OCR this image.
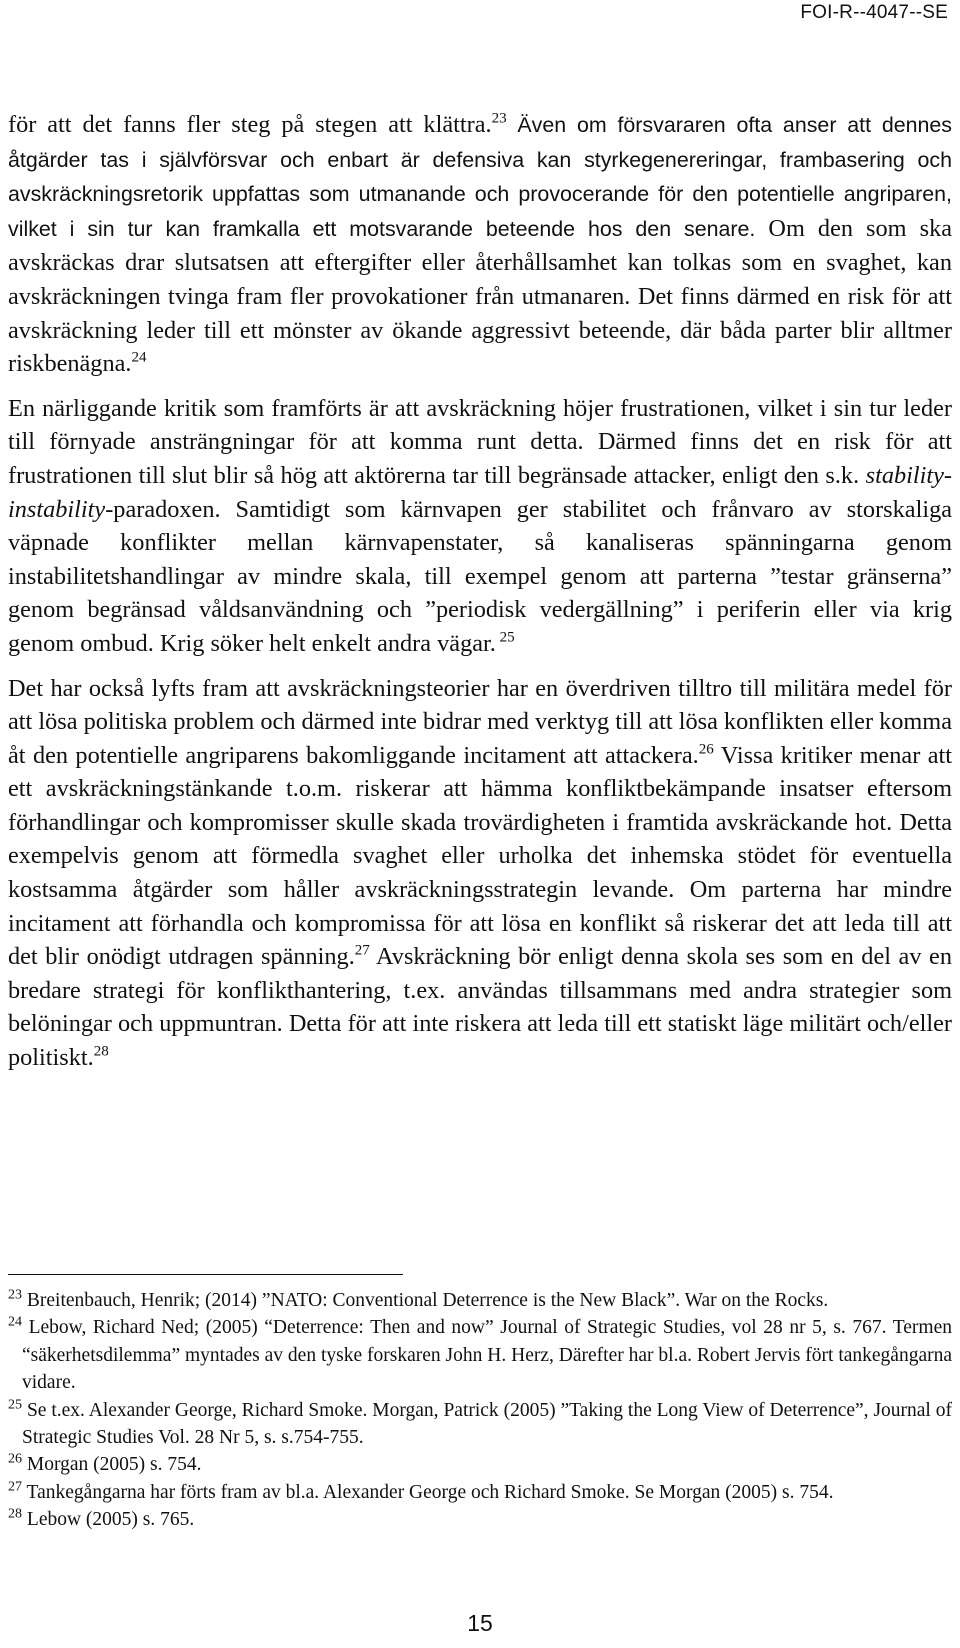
FOI-R--4047--SE

för att det fanns fler steg på stegen att klättra.$^{23}$ Även om försvararen ofta anser att dennes åtgärder tas i självförsvar och enbart är defensiva kan styrkegenereringar, frambasering och avskräckningsretorik uppfattas som utmanande och provocerande för den potentielle angriparen, vilket i sin tur kan framkalla ett motsvarande beteende hos den senare. Om den som ska avskräckas drar slutsatsen att eftergifter eller återhållsamhet kan tolkas som en svaghet, kan avskräckningen tvinga fram fler provokationer från utmanaren. Det finns därmed en risk för att avskräckning leder till ett mönster av ökande aggressivt beteende, där båda parter blir alltmer riskbenägna.$^{24}$

En närliggande kritik som framförts är att avskräckning höjer frustrationen, vilket i sin tur leder till förnyade ansträngningar för att komma runt detta. Därmed finns det en risk för att frustrationen till slut blir så hög att aktörerna tar till begränsade attacker, enligt den s.k. stability-instability-paradoxen. Samtidigt som kärnvapen ger stabilitet och frånvaro av storskaliga väpnade konflikter mellan kärnvapenstater, så kanaliseras spänningarna genom instabilitetshandlingar av mindre skala, till exempel genom att parterna ”testar gränserna” genom begränsad våldsanvändning och ”periodisk vedergällning” i periferin eller via krig genom ombud. Krig söker helt enkelt andra vägar. $^{25}$

Det har också lyfts fram att avskräckningsteorier har en överdriven tilltro till militära medel för att lösa politiska problem och därmed inte bidrar med verktyg till att lösa konflikten eller komma åt den potentielle angriparens bakomliggande incitament att attackera.$^{26}$ Vissa kritiker menar att ett avskräckningstänkande t.o.m. riskerar att hämma konfliktbekämpande insatser eftersom förhandlingar och kompromisser skulle skada trovärdigheten i framtida avskräckande hot. Detta exempelvis genom att förmedla svaghet eller urholka det inhemska stödet för eventuella kostsamma åtgärder som håller avskräckningsstrategin levande. Om parterna har mindre incitament att förhandla och kompromissa för att lösa en konflikt så riskerar det att leda till att det blir onödigt utdragen spänning.$^{27}$ Avskräckning bör enligt denna skola ses som en del av en bredare strategi för konflikthantering, t.ex. användas tillsammans med andra strategier som belöningar och uppmuntran. Detta för att inte riskera att leda till ett statiskt läge militärt och/eller politiskt.$^{28}$

$^{23}$ Breitenbauch, Henrik; (2014) ”NATO: Conventional Deterrence is the New Black”. War on the Rocks.

$^{24}$ Lebow, Richard Ned; (2005) “Deterrence: Then and now” Journal of Strategic Studies, vol 28 nr 5, s. 767. Termen “säkerhetsdilemma” myntades av den tyske forskaren John H. Herz, Därefter har bl.a. Robert Jervis fört tankegångarna vidare.

$^{25}$ Se t.ex. Alexander George, Richard Smoke. Morgan, Patrick (2005) ”Taking the Long View of Deterrence”, Journal of Strategic Studies Vol. 28 Nr 5, s. s.754-755.

$^{26}$ Morgan (2005) s. 754.

$^{27}$ Tankegångarna har förts fram av bl.a. Alexander George och Richard Smoke. Se Morgan (2005) s. 754.

$^{28}$ Lebow (2005) s. 765.

15
